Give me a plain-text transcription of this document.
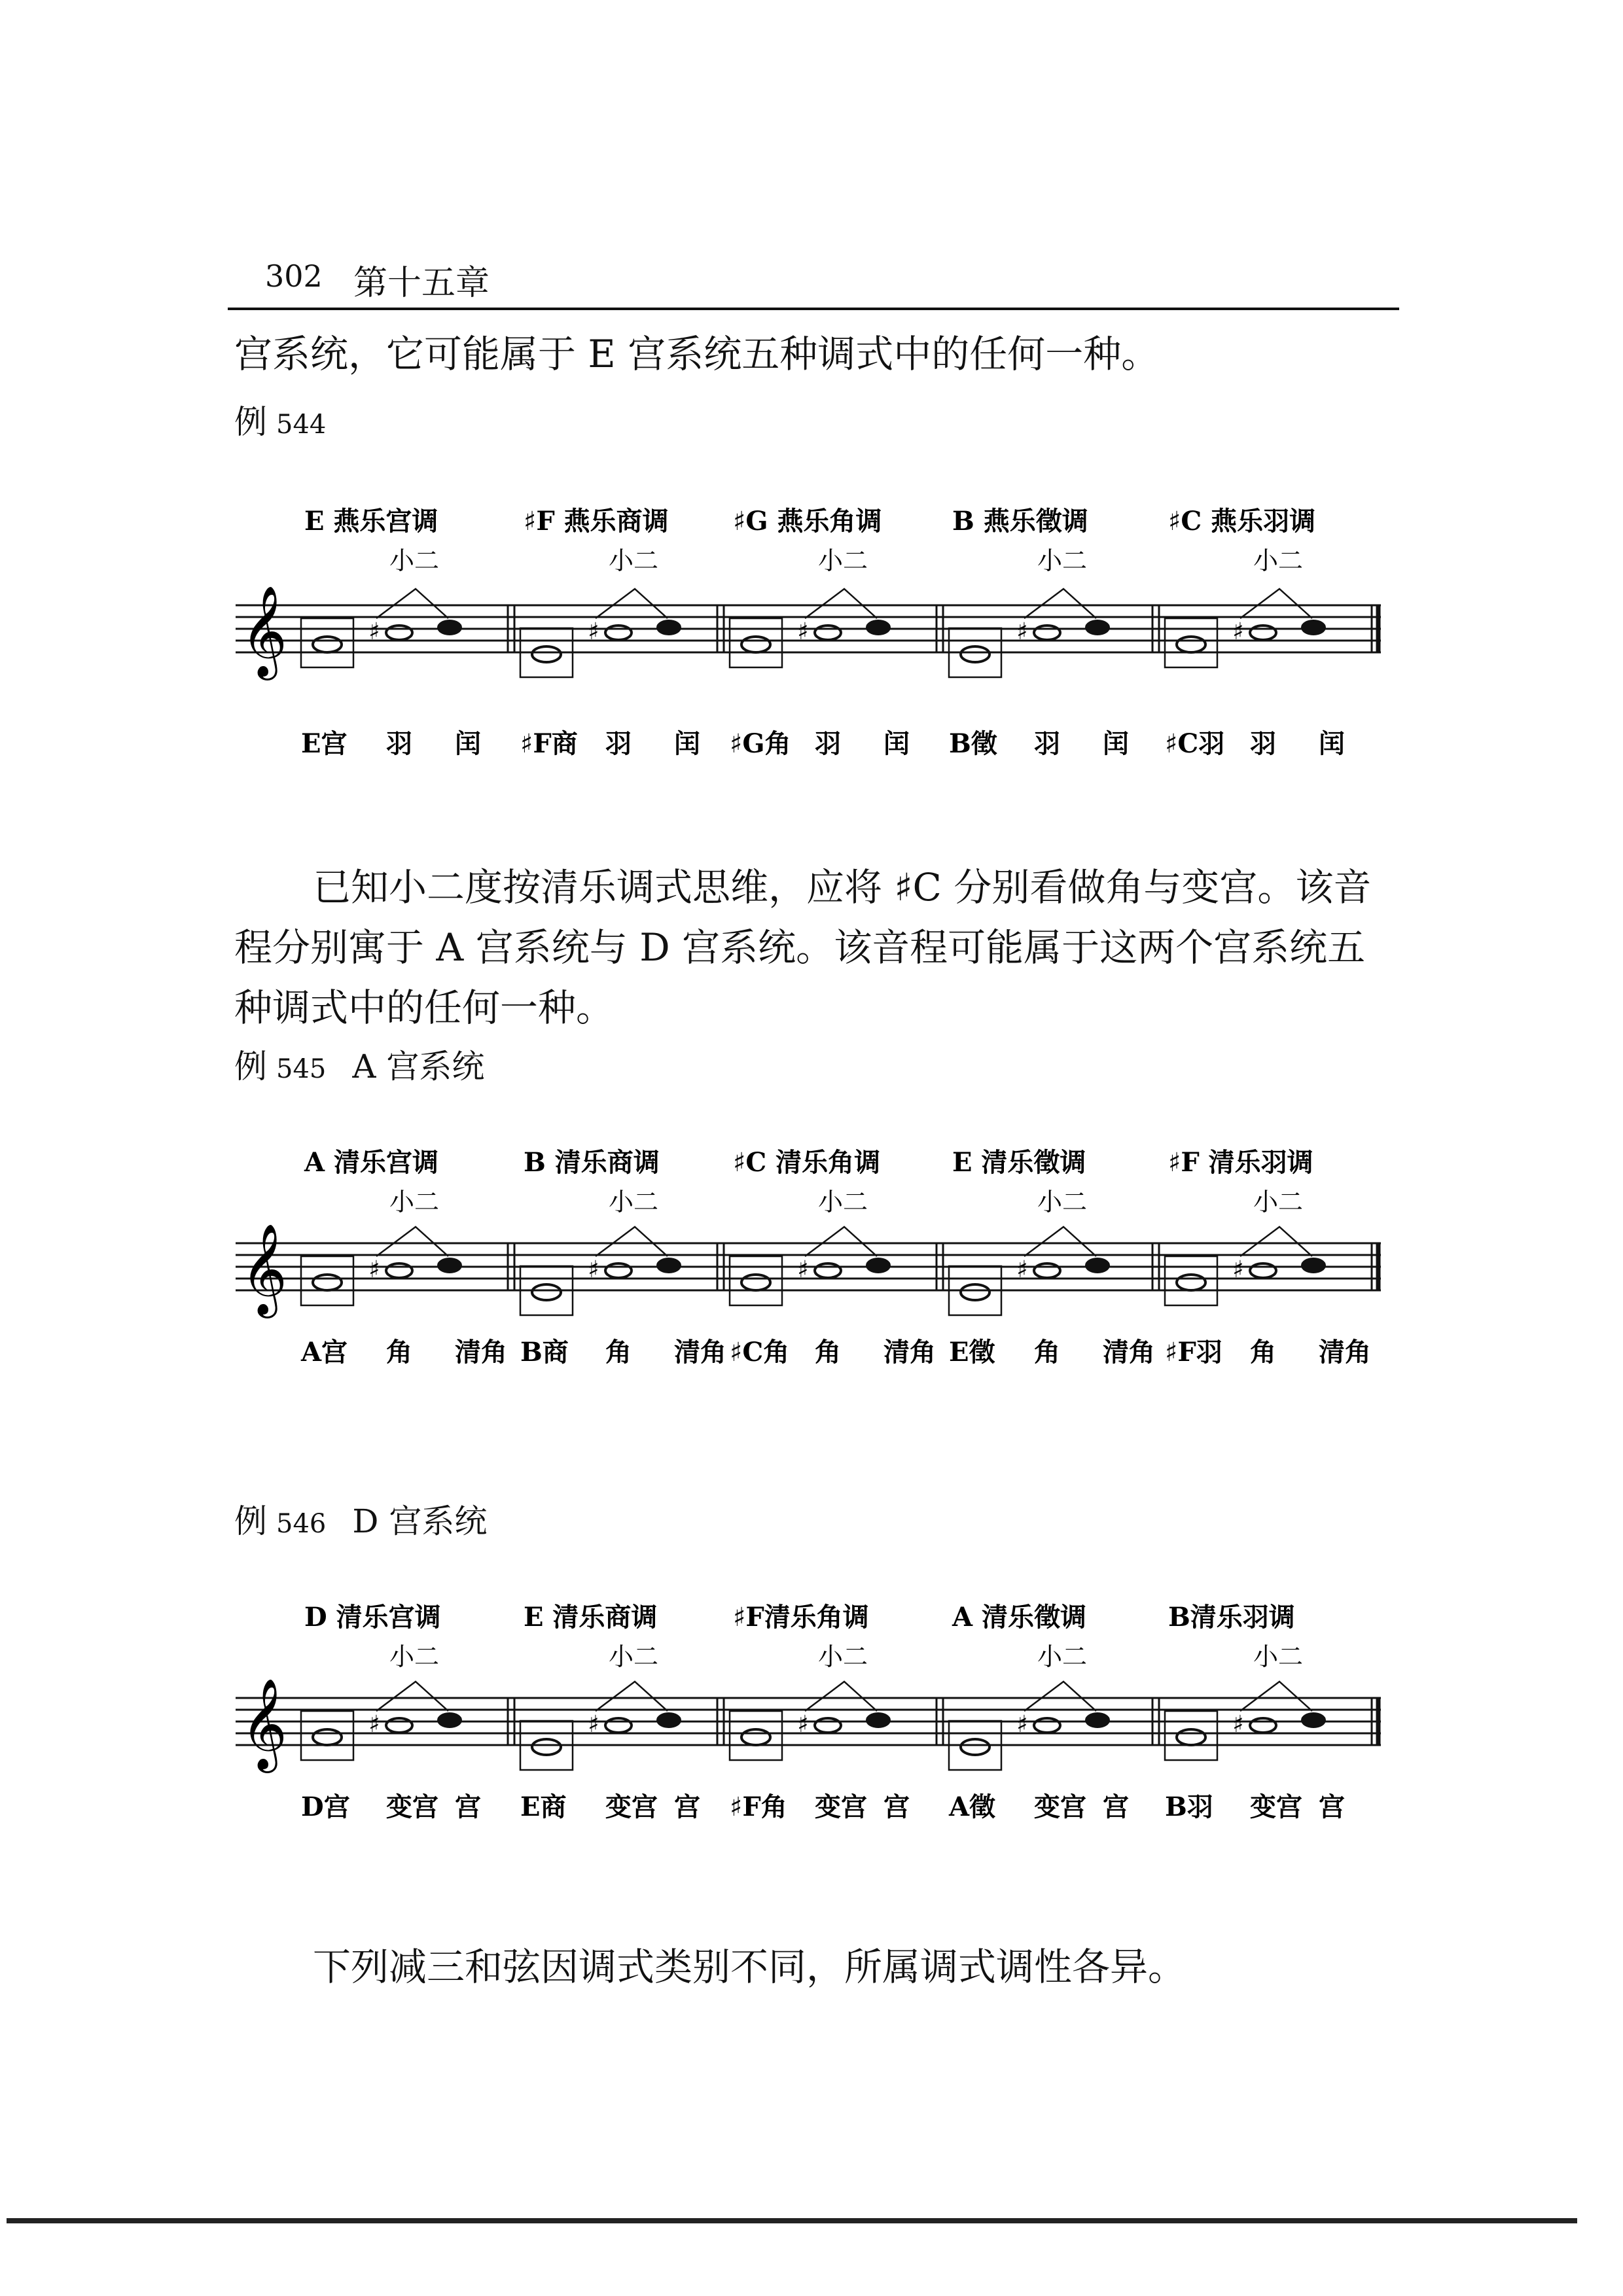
302 第十五章
宫系统，它可能属于 E 宫系统五种调式中的任何一种。
例 544
𝄞
E 燕乐宫调
小二
♯
E宫 羽 闰
♯F 燕乐商调
小二
♯
♯F商 羽 闰
♯G 燕乐角调
小二
♯
♯G角 羽 闰
B 燕乐徵调
小二
♯
B徵 羽 闰
♯C 燕乐羽调
小二
♯
♯C羽 羽 闰
已知小二度按清乐调式思维，应将 ♯C 分别看做角与变宫。该音程分别寓于 A 宫系统与 D 宫系统。该音程可能属于这两个宫系统五种调式中的任何一种。
例 545 A 宫系统
𝄞
A 清乐宫调
小二
♯
A宫 角 清角
B 清乐商调
小二
♯
B商 角 清角
♯C 清乐角调
小二
♯
♯C角 角 清角
E 清乐徵调
小二
♯
E徵 角 清角
♯F 清乐羽调
小二
♯
♯F羽 角 清角
例 546 D 宫系统
𝄞
D 清乐宫调
小二
♯
D宫 变宫 宫
E 清乐商调
小二
♯
E商 变宫 宫
♯F清乐角调
小二
♯
♯F角 变宫 宫
A 清乐徵调
小二
♯
A徵 变宫 宫
B清乐羽调
小二
♯
B羽 变宫 宫
下列减三和弦因调式类别不同，所属调式调性各异。
